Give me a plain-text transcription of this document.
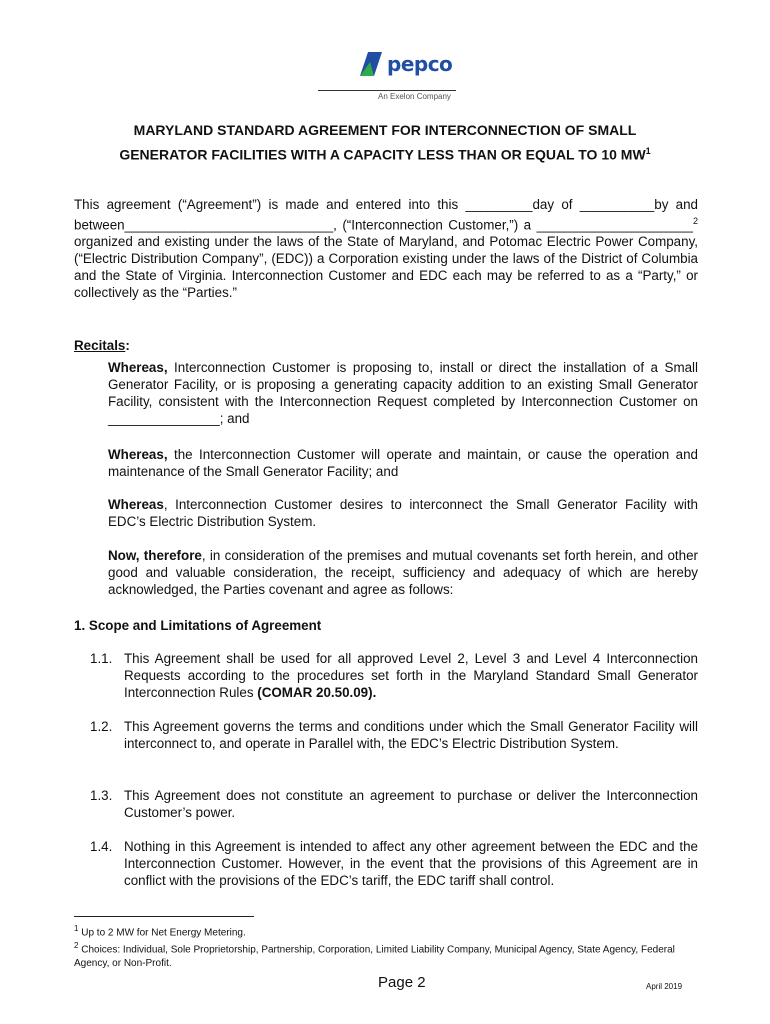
pepco
An Exelon Company
MARYLAND STANDARD AGREEMENT FOR INTERCONNECTION OF SMALL
GENERATOR FACILITIES WITH A CAPACITY LESS THAN OR EQUAL TO 10 $MW^1$
This agreement (“Agreement”) is made and entered into this _________day of __________by and between____________________________, (“Interconnection Customer,”) a _____________________$^2$ organized and existing under the laws of the State of Maryland, and Potomac Electric Power Company, (“Electric Distribution Company”, (EDC)) a Corporation existing under the laws of the District of Columbia and the State of Virginia. Interconnection Customer and EDC each may be referred to as a “Party,” or collectively as the “Parties.”
Recitals:
Whereas, Interconnection Customer is proposing to, install or direct the installation of a Small Generator Facility, or is proposing a generating capacity addition to an existing Small Generator Facility, consistent with the Interconnection Request completed by Interconnection Customer on _______________; and
Whereas, the Interconnection Customer will operate and maintain, or cause the operation and maintenance of the Small Generator Facility; and
Whereas, Interconnection Customer desires to interconnect the Small Generator Facility with EDC’s Electric Distribution System.
Now, therefore, in consideration of the premises and mutual covenants set forth herein, and other good and valuable consideration, the receipt, sufficiency and adequacy of which are hereby acknowledged, the Parties covenant and agree as follows:
1. Scope and Limitations of Agreement
1.1. This Agreement shall be used for all approved Level 2, Level 3 and Level 4 Interconnection Requests according to the procedures set forth in the Maryland Standard Small Generator Interconnection Rules (COMAR 20.50.09).
1.2. This Agreement governs the terms and conditions under which the Small Generator Facility will interconnect to, and operate in Parallel with, the EDC’s Electric Distribution System.
1.3. This Agreement does not constitute an agreement to purchase or deliver the Interconnection Customer’s power.
1.4. Nothing in this Agreement is intended to affect any other agreement between the EDC and the Interconnection Customer. However, in the event that the provisions of this Agreement are in conflict with the provisions of the EDC’s tariff, the EDC tariff shall control.
$^1$ Up to 2 MW for Net Energy Metering.
$^2$ Choices: Individual, Sole Proprietorship, Partnership, Corporation, Limited Liability Company, Municipal Agency, State Agency, Federal Agency, or Non-Profit.
Page 2	April 2019
